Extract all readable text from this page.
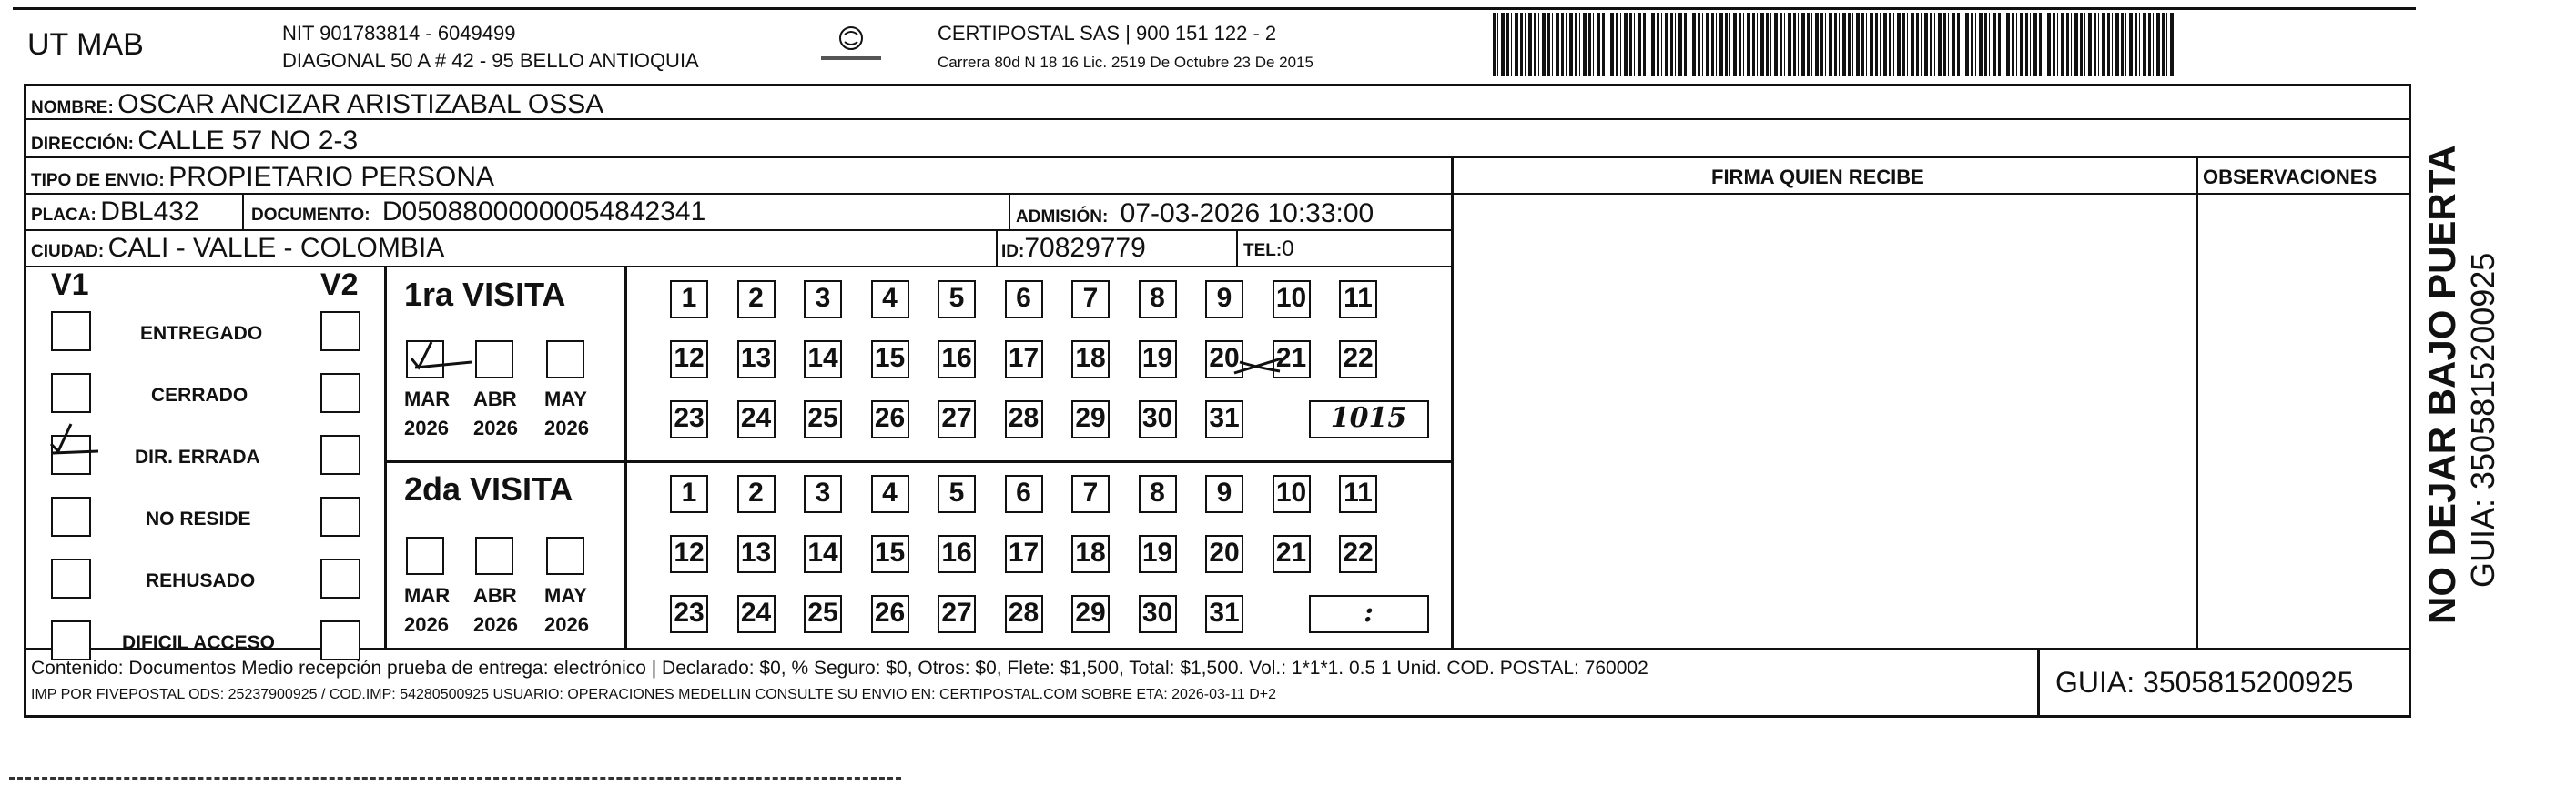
UT MAB	NIT 901783814 - 6049499
DIAGONAL 50 A # 42 - 95 BELLO ANTIOQUIA
CERTIPOSTAL SAS | 900 151 122 - 2
Carrera 80d N 18 16 Lic. 2519 De Octubre 23 De 2015
NOMBRE: OSCAR ANCIZAR ARISTIZABAL OSSA
DIRECCIÓN: CALLE 57 NO 2-3
TIPO DE ENVIO: PROPIETARIO PERSONA
PLACA: DBL432	DOCUMENTO: D05088000000054842341	ADMISIÓN: 07-03-2026 10:33:00
CIUDAD: CALI - VALLE - COLOMBIA	ID:70829779	TEL:0
FIRMA QUIEN RECIBE	OBSERVACIONES
V1	V2
ENTREGADO
CERRADO
DIR. ERRADA
NO RESIDE
REHUSADO
DIFICIL ACCESO
1ra VISITA
2da VISITA
MAR
2026
ABR
2026
MAY
2026
MAR
2026
ABR
2026
MAY
2026
1	2	3	4	5	6	7	8	9	10 11
12 13 14 15 16 17 18 19 20 21 22
23 24 25 26 27 28 29 30 31	1015
1	2	3	4	5	6	7	8	9	10 11
12 13 14 15 16 17 18 19 20 21 22
23 24 25 26 27 28 29 30 31	:
Contenido: Documentos Medio recepción prueba de entrega: electrónico | Declarado: $0, % Seguro: $0, Otros: $0, Flete: $1,500, Total: $1,500. Vol.: 1*1*1. 0.5 1 Unid. COD. POSTAL: 760002
IMP POR FIVEPOSTAL ODS: 25237900925 / COD.IMP: 54280500925 USUARIO: OPERACIONES MEDELLIN CONSULTE SU ENVIO EN: CERTIPOSTAL.COM SOBRE ETA: 2026-03-11 D+2	GUIA: 3505815200925
NO DEJAR BAJO PUERTA GUIA: 3505815200925
